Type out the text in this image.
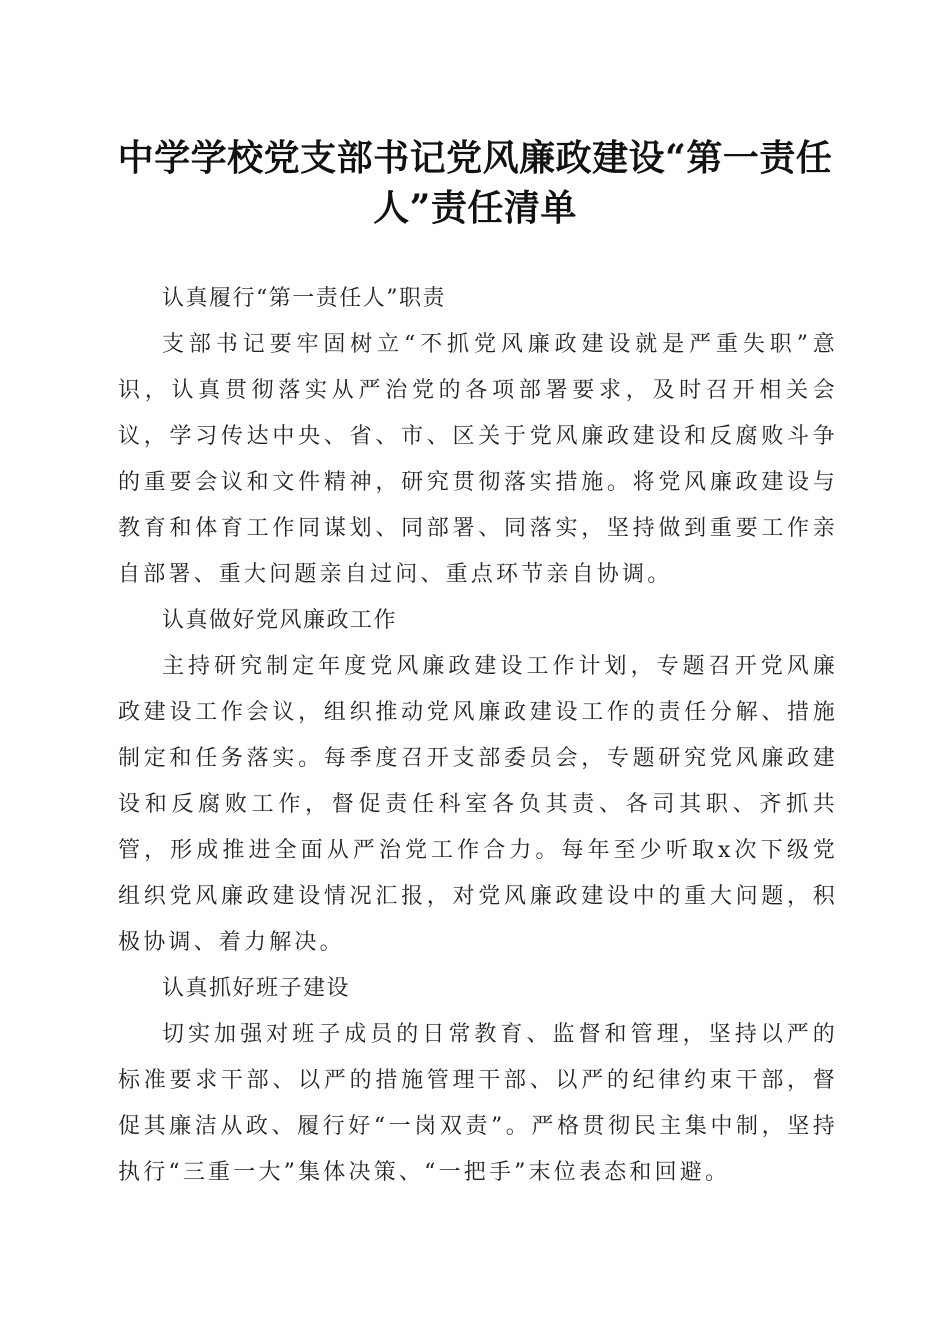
中学学校党支部书记党风廉政建设“第一责任人”责任清单

认真履行“第一责任人”职责

支部书记要牢固树立“不抓党风廉政建设就是严重失职”意识，认真贯彻落实从严治党的各项部署要求，及时召开相关会议，学习传达中央、省、市、区关于党风廉政建设和反腐败斗争的重要会议和文件精神，研究贯彻落实措施。将党风廉政建设与教育和体育工作同谋划、同部署、同落实，坚持做到重要工作亲自部署、重大问题亲自过问、重点环节亲自协调。

认真做好党风廉政工作

主持研究制定年度党风廉政建设工作计划，专题召开党风廉政建设工作会议，组织推动党风廉政建设工作的责任分解、措施制定和任务落实。每季度召开支部委员会，专题研究党风廉政建设和反腐败工作，督促责任科室各负其责、各司其职、齐抓共管，形成推进全面从严治党工作合力。每年至少听取x次下级党组织党风廉政建设情况汇报，对党风廉政建设中的重大问题，积极协调、着力解决。

认真抓好班子建设

切实加强对班子成员的日常教育、监督和管理，坚持以严的标准要求干部、以严的措施管理干部、以严的纪律约束干部，督促其廉洁从政、履行好“一岗双责”。严格贯彻民主集中制，坚持执行“三重一大”集体决策、“一把手”末位表态和回避。
